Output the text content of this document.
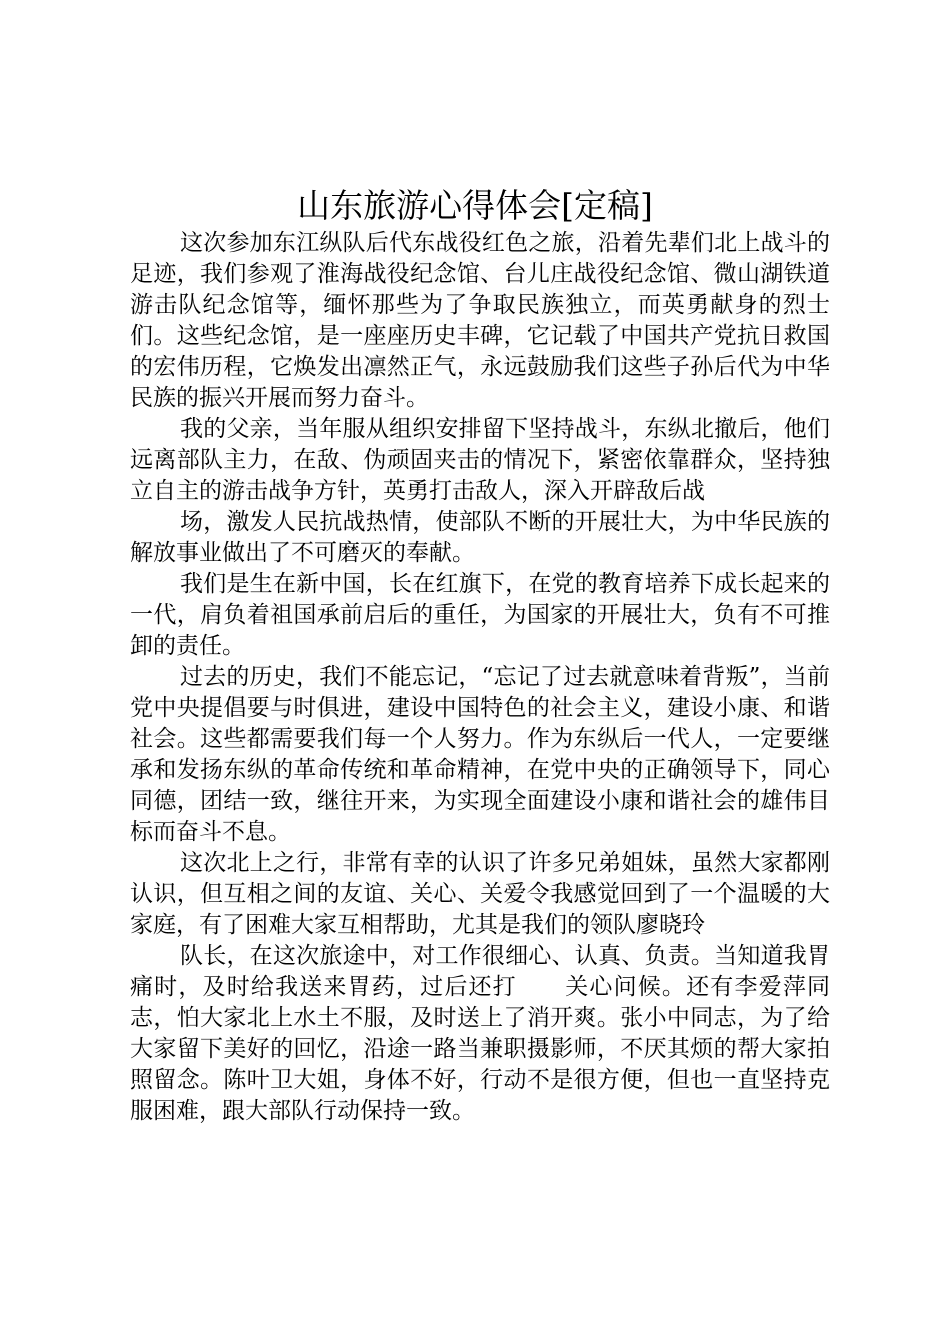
山东旅游心得体会[定稿]

这次参加东江纵队后代东战役红色之旅，沿着先辈们北上战斗的足迹，我们参观了淮海战役纪念馆、台儿庄战役纪念馆、微山湖铁道游击队纪念馆等，缅怀那些为了争取民族独立，而英勇献身的烈士们。这些纪念馆，是一座座历史丰碑，它记载了中国共产党抗日救国的宏伟历程，它焕发出凛然正气，永远鼓励我们这些子孙后代为中华民族的振兴开展而努力奋斗。

我的父亲，当年服从组织安排留下坚持战斗，东纵北撤后，他们远离部队主力，在敌、伪顽固夹击的情况下，紧密依靠群众，坚持独立自主的游击战争方针，英勇打击敌人，深入开辟敌后战

场，激发人民抗战热情，使部队不断的开展壮大，为中华民族的解放事业做出了不可磨灭的奉献。

我们是生在新中国，长在红旗下，在党的教育培养下成长起来的一代，肩负着祖国承前启后的重任，为国家的开展壮大，负有不可推卸的责任。

过去的历史，我们不能忘记，“忘记了过去就意味着背叛”，当前党中央提倡要与时俱进，建设中国特色的社会主义，建设小康、和谐社会。这些都需要我们每一个人努力。作为东纵后一代人，一定要继承和发扬东纵的革命传统和革命精神，在党中央的正确领导下，同心同德，团结一致，继往开来，为实现全面建设小康和谐社会的雄伟目标而奋斗不息。

这次北上之行，非常有幸的认识了许多兄弟姐妹，虽然大家都刚认识，但互相之间的友谊、关心、关爱令我感觉回到了一个温暖的大家庭，有了困难大家互相帮助，尤其是我们的领队廖晓玲

队长，在这次旅途中，对工作很细心、认真、负责。当知道我胃痛时，及时给我送来胃药，过后还打　　关心问候。还有李爱萍同志，怕大家北上水土不服，及时送上了消开爽。张小中同志，为了给大家留下美好的回忆，沿途一路当兼职摄影师，不厌其烦的帮大家拍照留念。陈叶卫大姐，身体不好，行动不是很方便，但也一直坚持克服困难，跟大部队行动保持一致。
